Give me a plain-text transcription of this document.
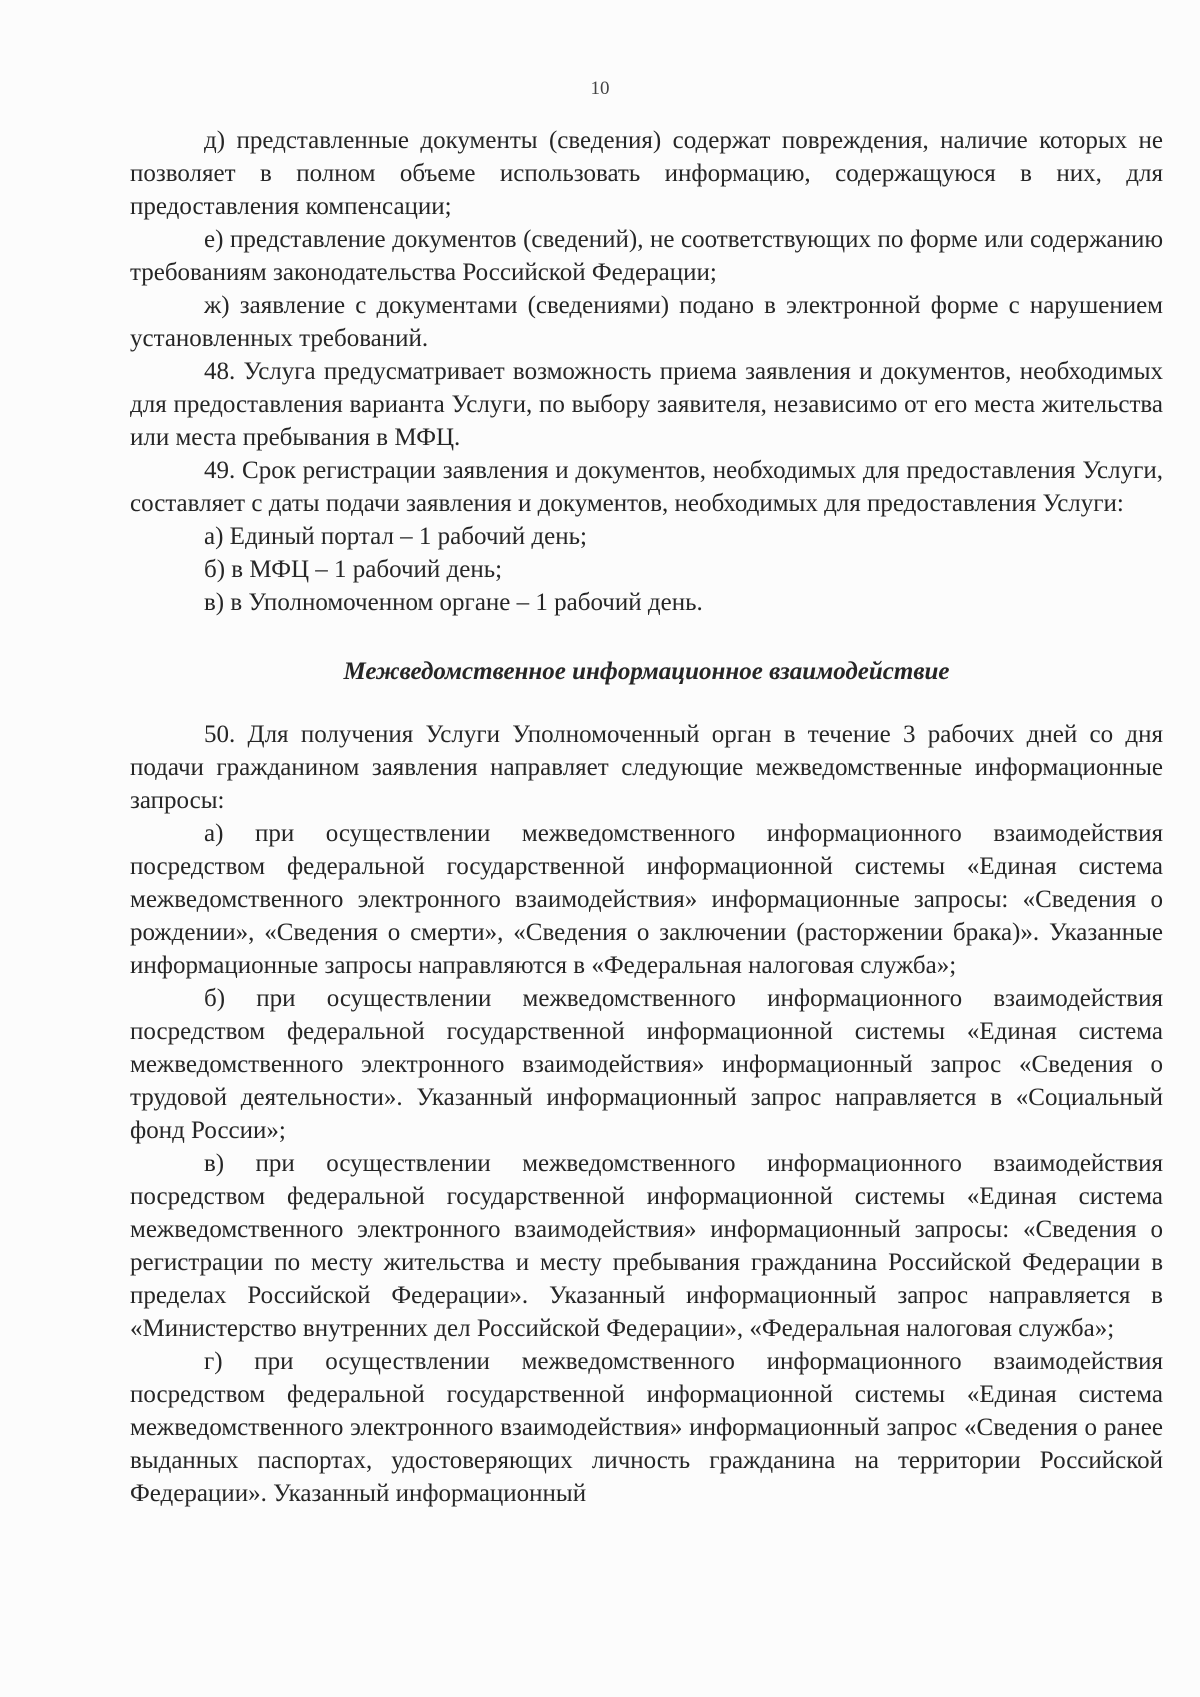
10

д) представленные документы (сведения) содержат повреждения, наличие которых не позволяет в полном объеме использовать информацию, содержащуюся в них, для предоставления компенсации;

е) представление документов (сведений), не соответствующих по форме или содержанию требованиям законодательства Российской Федерации;

ж) заявление с документами (сведениями) подано в электронной форме с нарушением установленных требований.

48. Услуга предусматривает возможность приема заявления и документов, необходимых для предоставления варианта Услуги, по выбору заявителя, независимо от его места жительства или места пребывания в МФЦ.

49. Срок регистрации заявления и документов, необходимых для предоставления Услуги, составляет с даты подачи заявления и документов, необходимых для предоставления Услуги:

а) Единый портал – 1 рабочий день;

б) в МФЦ – 1 рабочий день;

в) в Уполномоченном органе – 1 рабочий день.

Межведомственное информационное взаимодействие

50. Для получения Услуги Уполномоченный орган в течение 3 рабочих дней со дня подачи гражданином заявления направляет следующие межведомственные информационные запросы:

а) при осуществлении межведомственного информационного взаимодействия посредством федеральной государственной информационной системы «Единая система межведомственного электронного взаимодействия» информационные запросы: «Сведения о рождении», «Сведения о смерти», «Сведения о заключении (расторжении брака)». Указанные информационные запросы направляются в «Федеральная налоговая служба»;

б) при осуществлении межведомственного информационного взаимодействия посредством федеральной государственной информационной системы «Единая система межведомственного электронного взаимодействия» информационный запрос «Сведения о трудовой деятельности». Указанный информационный запрос направляется в «Социальный фонд России»;

в) при осуществлении межведомственного информационного взаимодействия посредством федеральной государственной информационной системы «Единая система межведомственного электронного взаимодействия» информационный запросы: «Сведения о регистрации по месту жительства и месту пребывания гражданина Российской Федерации в пределах Российской Федерации». Указанный информационный запрос направляется в «Министерство внутренних дел Российской Федерации», «Федеральная налоговая служба»;

г) при осуществлении межведомственного информационного взаимодействия посредством федеральной государственной информационной системы «Единая система межведомственного электронного взаимодействия» информационный запрос «Сведения о ранее выданных паспортах, удостоверяющих личность гражданина на территории Российской Федерации». Указанный информационный
